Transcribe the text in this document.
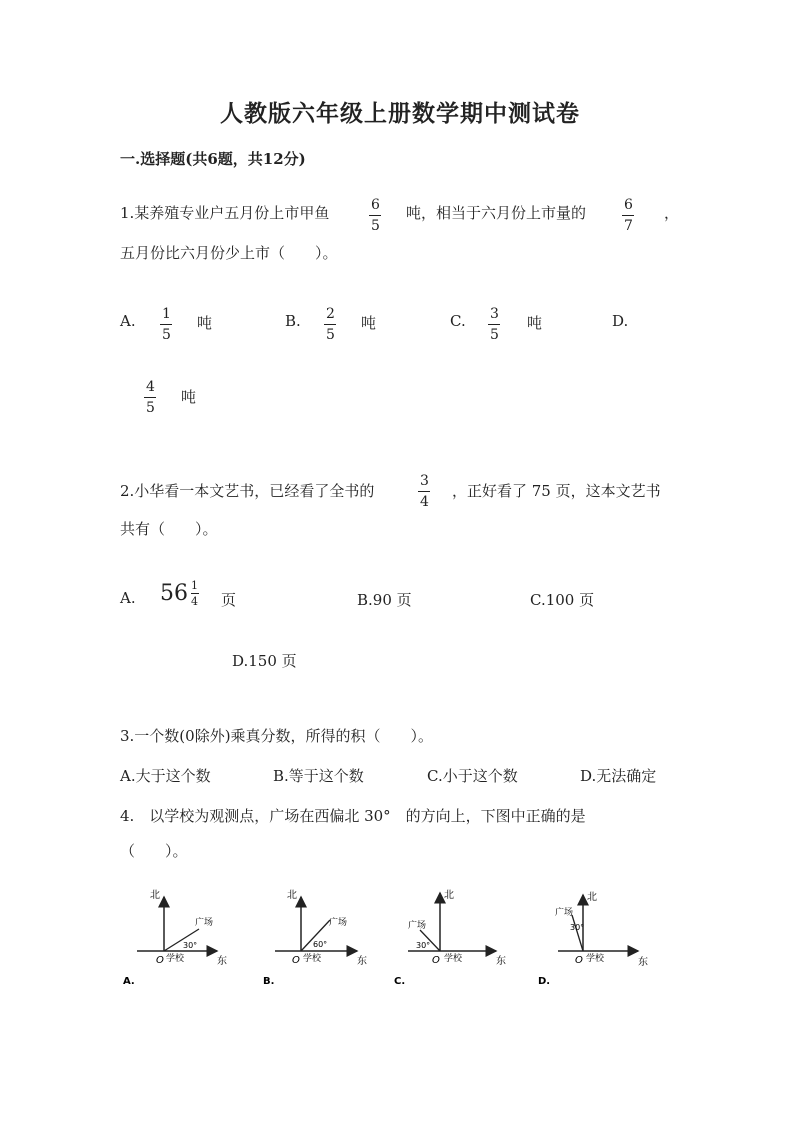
人教版六年级上册数学期中测试卷
一.选择题(共6题，共12分)
1.某养殖专业户五月份上市甲鱼	6
5
吨，相当于六月份上市量的	6
7
，
五月份比六月份少上市（　　）。
A. 1
5
吨	B. 2
5
吨	C. 3
5
吨	D.
4
5
吨
2.小华看一本文艺书，已经看了全书的
3
4
，正好看了 75 页，这本文艺书
共有（　　）。
A. $56 \frac{1}{4}$ 页	B.90 页	C.100 页
D.150 页
3.一个数(0除外)乘真分数，所得的积（　　）。
A.大于这个数	B.等于这个数	C.小于这个数	D.无法确定
4.　以学校为观测点，广场在西偏北 30°　的方向上，下图中正确的是
（　　）。
北
东
O 学校
广场
30°
A.
北
东
O 学校
广场
60°
B.
北
东
O 学校
广场
30°
C.
北
东
O 学校
广场
30°
D.
